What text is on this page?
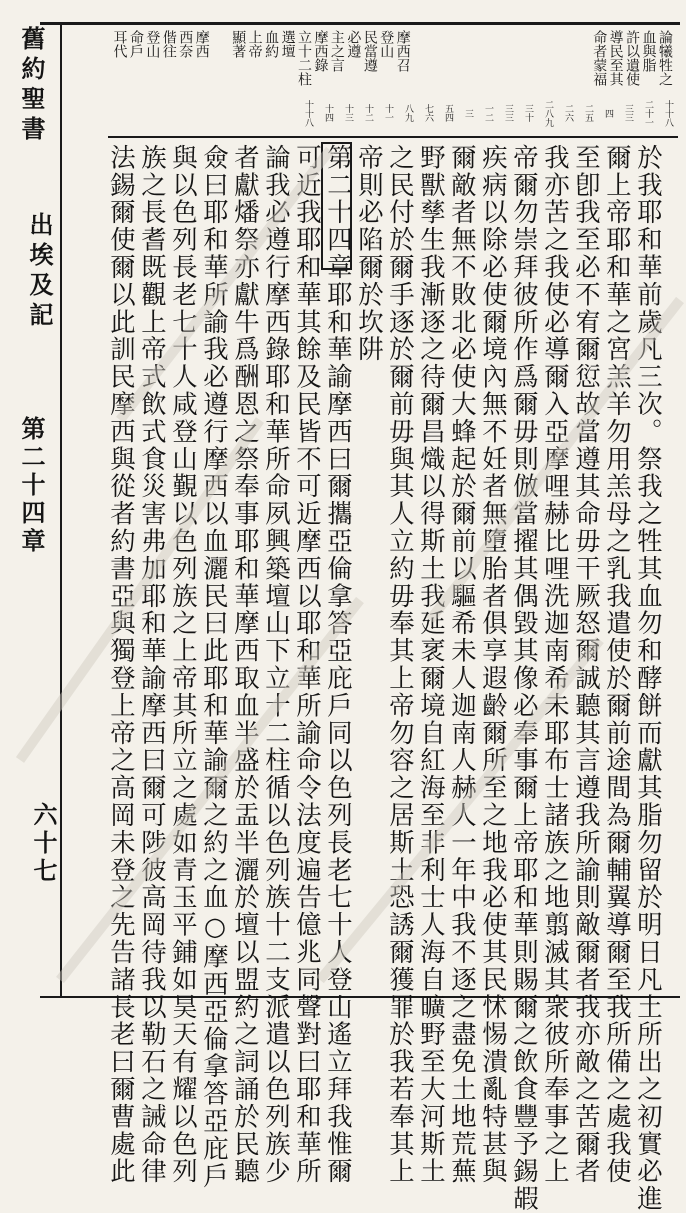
舊約聖書
出埃及記
第二十四章
六十七
論犧牲之
血與脂
許以遺使
導民至其
命者蒙福
摩西召
登山
民當遵
必遵
主之言
摩西錄
立十二柱
選壇
血約
上帝
顯著
摩西
西奈
偕往
登山
命戶
耳代
十十八
二十一
三三
四
二五
二六
二八九
三十
三三
一二
三
五四
七六
八九
十一
十二
十三
十四
十十八
於我耶和華前歲凡三次。祭我之牲其血勿和酵餅而獻其脂勿留於明日凡土所出之初實必進
爾上帝耶和華之宮羔羊勿用羔母之乳我遣使於爾前途間為爾輔翼導爾至我所備之處我使
至卽我至必不宥爾愆故當遵其命毋干厥怒爾誠聽其言遵我所諭則敵爾者我亦敵之苦爾者
我亦苦之我使必導爾入亞摩哩赫比哩洗迦南希未耶布士諸族之地翦滅其衆彼所奉事之上
帝爾勿崇拜彼所作爲爾毋則倣當擢其偶毀其像必奉事爾上帝耶和華則賜爾之飲食豐予錫嘏
疾病以除必使爾境內無不妊者無墮胎者俱享遐齡爾所至之地我必使其民怵惕潰亂特甚與
爾敵者無不敗北必使大蜂起於爾前以驅希未人迦南人赫人一年中我不逐之盡免土地荒蕪
野獸孳生我漸逐之待爾昌熾以得斯土我延衺爾境自紅海至非利士人海自曠野至大河斯土
之民付於爾手逐於爾前毋與其人立約毋奉其上帝勿容之居斯土恐誘爾獲罪於我若奉其上
帝則必陷爾於坎阱
第二十四章耶和華諭摩西曰爾攜亞倫拿答亞庇戶同以色列長老七十人登山遙立拜我惟爾
可近我耶和華其餘及民皆不可近摩西以耶和華所諭命令法度遍告億兆同聲對曰耶和華所
論我必遵行摩西錄耶和華所命夙興築壇山下立十二柱循以色列族十二支派遣以色列族少
者獻燔祭亦獻牛爲酬恩之祭奉事耶和華摩西取血半盛於盂半灑於壇以盟約之詞誦於民聽
僉曰耶和華所諭我必遵行摩西以血灑民曰此耶和華諭爾之約之血○摩西亞倫拿答亞庇戶
與以色列長老七十人咸登山覲以色列族之上帝其所立之處如青玉平鋪如昊天有耀以色列
族之長耆既觀上帝式飲式食災害弗加耶和華諭摩西曰爾可陟彼高岡待我以勒石之誡命律
法錫爾使爾以此訓民摩西與從者約書亞與獨登上帝之高岡未登之先告諸長老曰爾曹處此
